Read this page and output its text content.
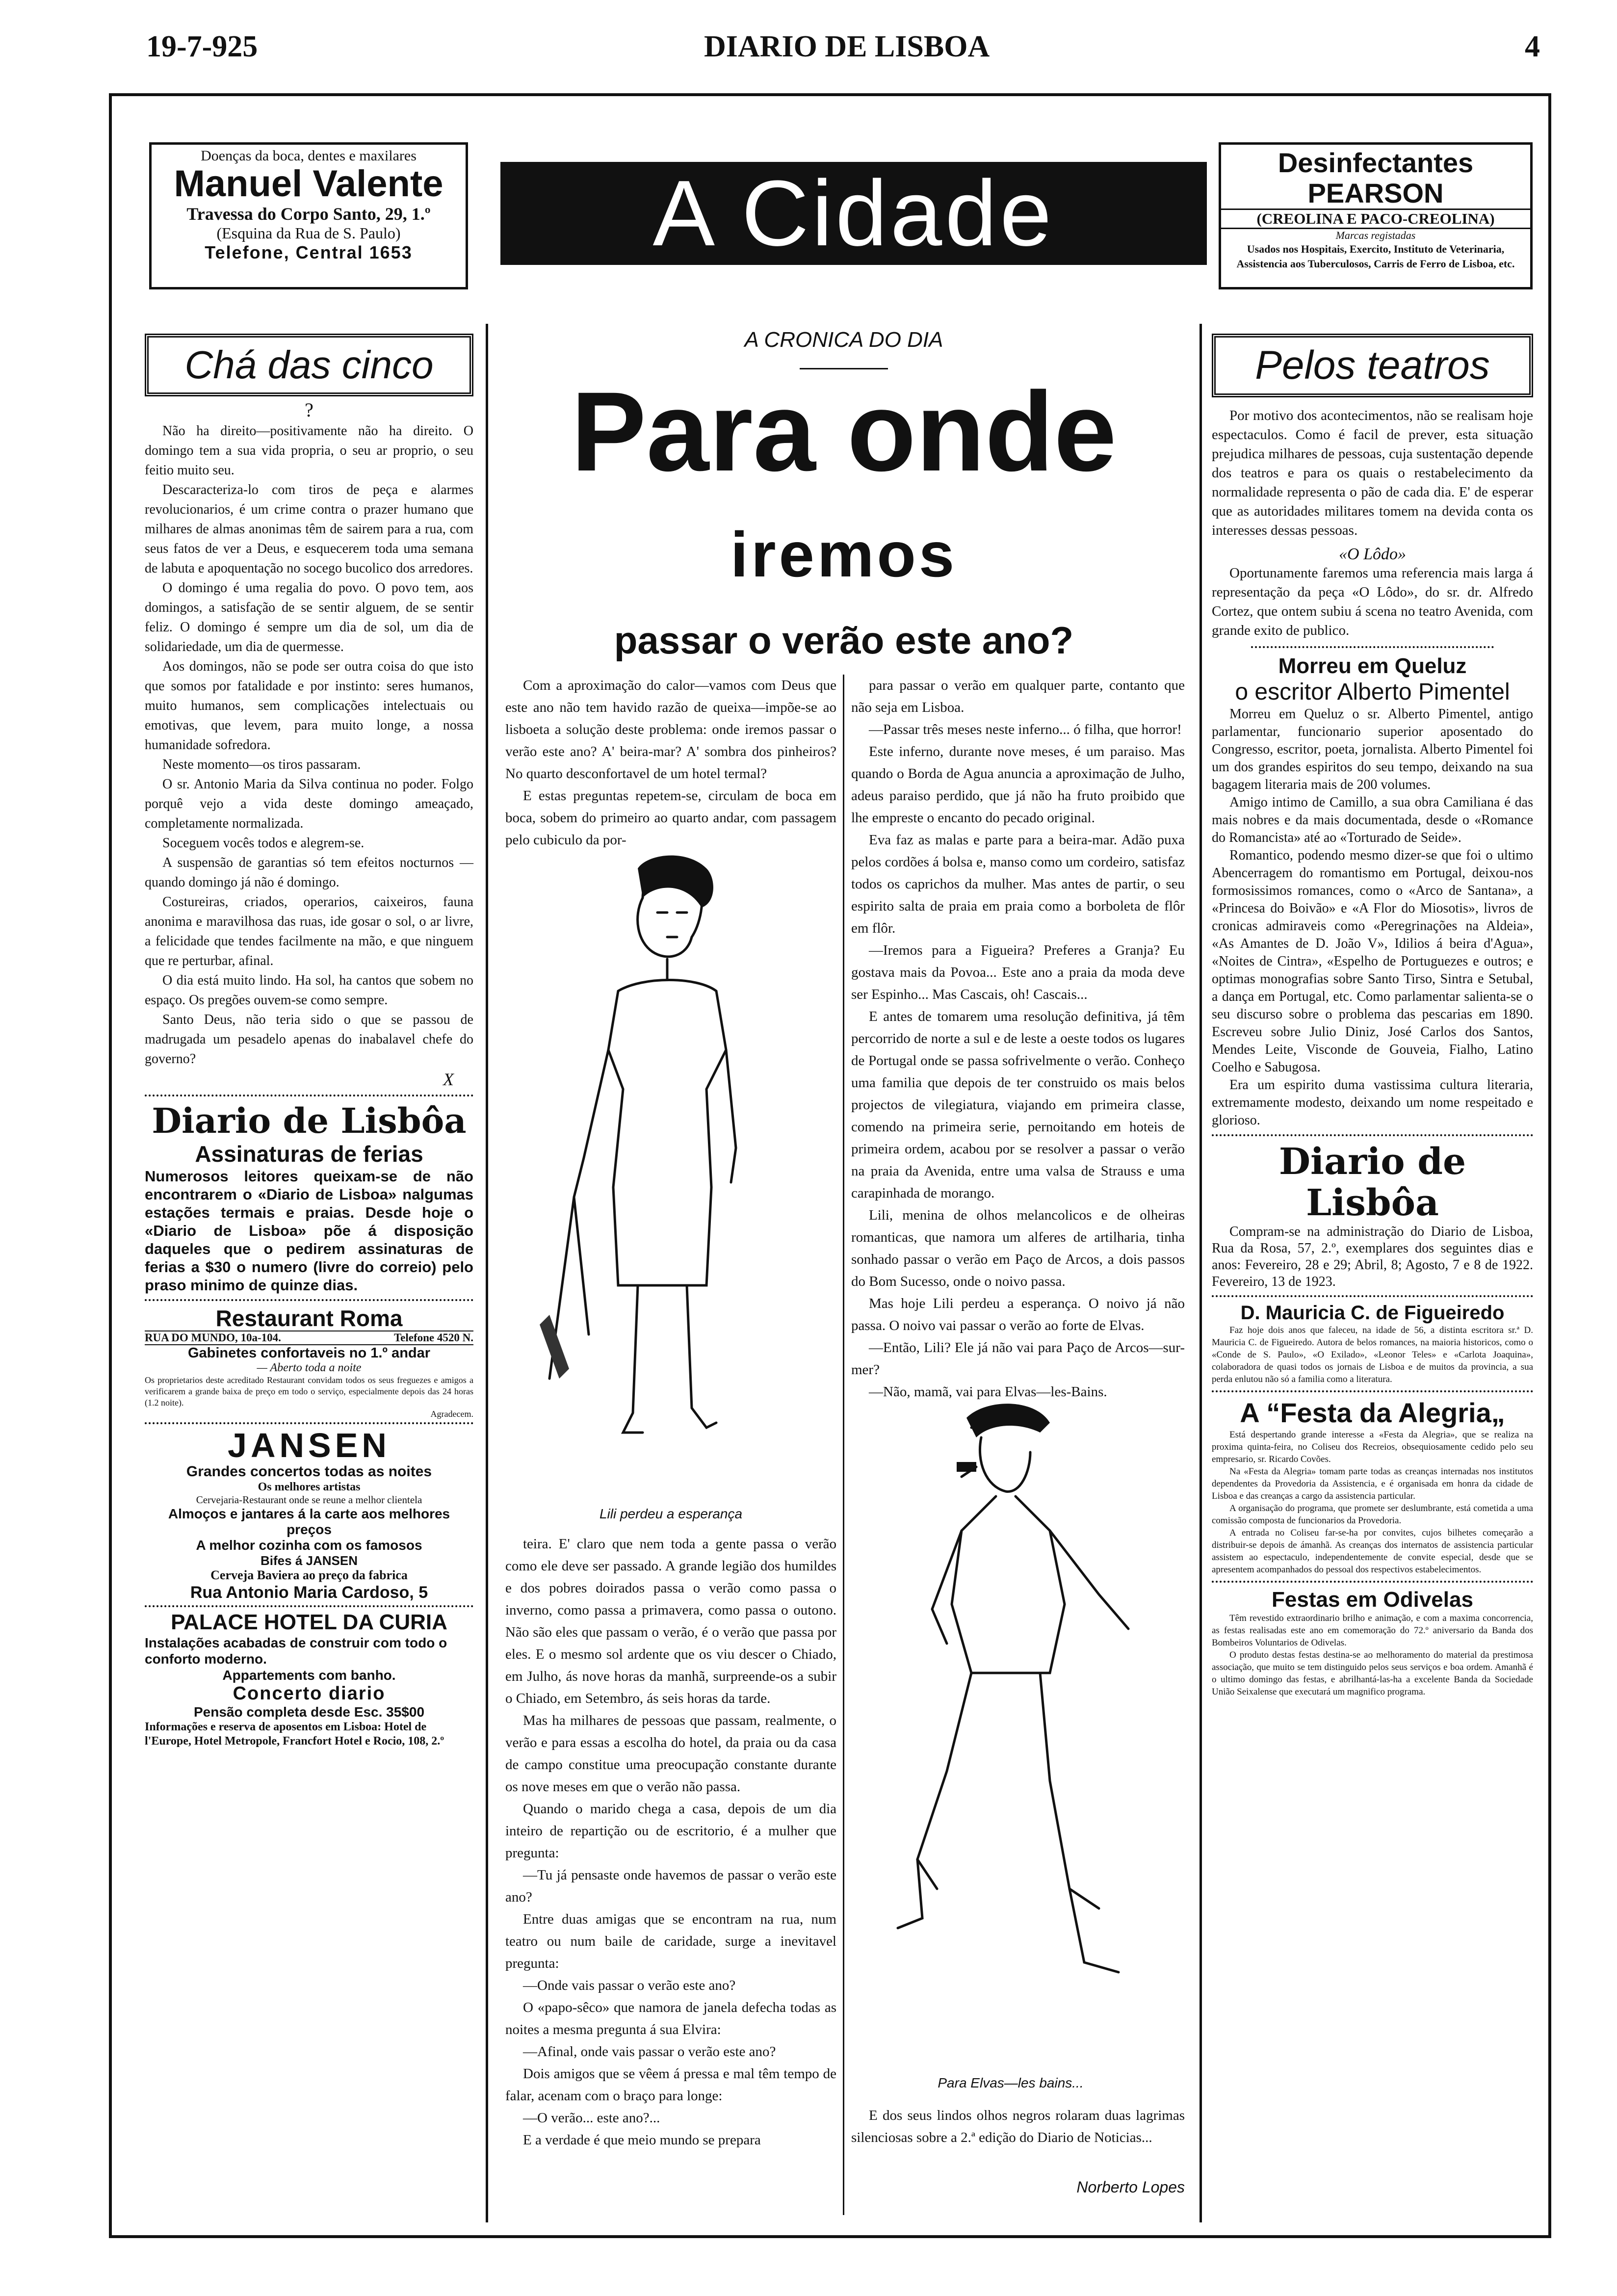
19-7-925	DIARIO DE LISBOA	4
Doenças da boca, dentes e maxilares
Manuel Valente
Travessa do Corpo Santo, 29, 1.º
(Esquina da Rua de S. Paulo)
Telefone, Central 1653	A Cidade	Desinfectantes PEARSON
(CREOLINA E PACO-CREOLINA)
Marcas registadas
Usados nos Hospitais, Exercito, Instituto de Veterinaria, Assistencia aos Tuberculosos, Carris de Ferro de Lisboa, etc.
Chá das cinco
?

Não ha direito—positivamente não ha direito. O domingo tem a sua vida propria, o seu ar proprio, o seu feitio muito seu.

Descaracteriza-lo com tiros de peça e alarmes revolucionarios, é um crime contra o prazer humano que milhares de almas anonimas têm de sairem para a rua, com seus fatos de ver a Deus, e esquecerem toda uma semana de labuta e apoquentação no socego bucolico dos arredores.

O domingo é uma regalia do povo. O povo tem, aos domingos, a satisfação de se sentir alguem, de se sentir feliz. O domingo é sempre um dia de sol, um dia de solidariedade, um dia de quermesse.

Aos domingos, não se pode ser outra coisa do que isto que somos por fatalidade e por instinto: seres humanos, muito humanos, sem complicações intelectuais ou emotivas, que levem, para muito longe, a nossa humanidade sofredora.

Neste momento—os tiros passaram.

O sr. Antonio Maria da Silva continua no poder. Folgo porquê vejo a vida deste domingo ameaçado, completamente normalizada.

Soceguem vocês todos e alegrem-se.

A suspensão de garantias só tem efeitos nocturnos — quando domingo já não é domingo.

Costureiras, criados, operarios, caixeiros, fauna anonima e maravilhosa das ruas, ide gosar o sol, o ar livre, a felicidade que tendes facilmente na mão, e que ninguem que re perturbar, afinal.

O dia está muito lindo. Ha sol, ha cantos que sobem no espaço. Os pregões ouvem-se como sempre.

Santo Deus, não teria sido o que se passou de madrugada um pesadelo apenas do inabalavel chefe do governo?

X
Diario de Lisbôa
Assinaturas de ferias
Numerosos leitores queixam-se de não encontrarem o «Diario de Lisboa» nalgumas estações termais e praias. Desde hoje o «Diario de Lisboa» põe á disposição daqueles que o pedirem assinaturas de ferias a $30 o numero (livre do correio) pelo praso minimo de quinze dias.
Restaurant Roma
RUA DO MUNDO, 10a-104.	Telefone 4520 N.
Gabinetes confortaveis no 1.º andar
— Aberto toda a noite
Os proprietarios deste acreditado Restaurant convidam todos os seus freguezes e amigos a verificarem a grande baixa de preço em todo o serviço, especialmente depois das 24 horas (1.2 noite).
Agradecem.
JANSEN
Grandes concertos todas as noites
Os melhores artistas
Cervejaria-Restaurant onde se reune a melhor clientela
Almoços e jantares á la carte aos melhores preços
A melhor cozinha com os famosos
Bifes á JANSEN
Cerveja Baviera ao preço da fabrica
Rua Antonio Maria Cardoso, 5
PALACE HOTEL DA CURIA
Instalações acabadas de construir com todo o conforto moderno.
Appartements com banho.
Concerto diario
Pensão completa desde Esc. 35$00
Informações e reserva de aposentos em Lisboa: Hotel de l'Europe, Hotel Metropole, Francfort Hotel e Rocio, 108, 2.º
A CRONICA DO DIA
Para onde
iremos
passar o verão este ano?

Com a aproximação do calor—vamos com Deus que este ano não tem havido razão de queixa—impõe-se ao lisboeta a solução deste problema: onde iremos passar o verão este ano? A' beira-mar? A' sombra dos pinheiros? No quarto desconfortavel de um hotel termal?

E estas preguntas repetem-se, circulam de boca em boca, sobem do primeiro ao quarto andar, com passagem pelo cubiculo da por-

Lili perdeu a esperança

para passar o verão em qualquer parte, contanto que não seja em Lisboa.

—Passar três meses neste inferno... ó filha, que horror!

Este inferno, durante nove meses, é um paraiso. Mas quando o Borda de Agua anuncia a aproximação de Julho, adeus paraiso perdido, que já não ha fruto proibido que lhe empreste o encanto do pecado original.

Eva faz as malas e parte para a beira-mar. Adão puxa pelos cordões á bolsa e, manso como um cordeiro, satisfaz todos os caprichos da mulher. Mas antes de partir, o seu espirito salta de praia em praia como a borboleta de flôr em flôr.

—Iremos para a Figueira? Preferes a Granja? Eu gostava mais da Povoa... Este ano a praia da moda deve ser Espinho... Mas Cascais, oh! Cascais...

E antes de tomarem uma resolução definitiva, já têm percorrido de norte a sul e de leste a oeste todos os lugares de Portugal onde se passa sofrivelmente o verão. Conheço uma familia que depois de ter construido os mais belos projectos de vilegiatura, viajando em primeira classe, comendo na primeira serie, pernoitando em hoteis de primeira ordem, acabou por se resolver a passar o verão na praia da Avenida, entre uma valsa de Strauss e uma carapinhada de morango.

Lili, menina de olhos melancolicos e de olheiras romanticas, que namora um alferes de artilharia, tinha sonhado passar o verão em Paço de Arcos, a dois passos do Bom Sucesso, onde o noivo passa.

Mas hoje Lili perdeu a esperança. O noivo já não passa. O noivo vai passar o verão ao forte de Elvas.

—Então, Lili? Ele já não vai para Paço de Arcos—sur-mer?

—Não, mamã, vai para Elvas—les-Bains.

teira. E' claro que nem toda a gente passa o verão como ele deve ser passado. A grande legião dos humildes e dos pobres doirados passa o verão como passa o inverno, como passa a primavera, como passa o outono. Não são eles que passam o verão, é o verão que passa por eles. E o mesmo sol ardente que os viu descer o Chiado, em Julho, ás nove horas da manhã, surpreende-os a subir o Chiado, em Setembro, ás seis horas da tarde.

Mas ha milhares de pessoas que passam, realmente, o verão e para essas a escolha do hotel, da praia ou da casa de campo constitue uma preocupação constante durante os nove meses em que o verão não passa.

Quando o marido chega a casa, depois de um dia inteiro de repartição ou de escritorio, é a mulher que pregunta:

—Tu já pensaste onde havemos de passar o verão este ano?

Entre duas amigas que se encontram na rua, num teatro ou num baile de caridade, surge a inevitavel pregunta:

—Onde vais passar o verão este ano?

O «papo-sêco» que namora de janela defecha todas as noites a mesma pregunta á sua Elvira:

—Afinal, onde vais passar o verão este ano?

Dois amigos que se vêem á pressa e mal têm tempo de falar, acenam com o braço para longe:

—O verão... este ano?...

E a verdade é que meio mundo se prepara

Para Elvas—les bains...

E dos seus lindos olhos negros rolaram duas lagrimas silenciosas sobre a 2.ª edição do Diario de Noticias...

Norberto Lopes
Pelos teatros

Por motivo dos acontecimentos, não se realisam hoje espectaculos. Como é facil de prever, esta situação prejudica milhares de pessoas, cuja sustentação depende dos teatros e para os quais o restabelecimento da normalidade representa o pão de cada dia. E' de esperar que as autoridades militares tomem na devida conta os interesses dessas pessoas.

«O Lôdo»

Oportunamente faremos uma referencia mais larga á representação da peça «O Lôdo», do sr. dr. Alfredo Cortez, que ontem subiu á scena no teatro Avenida, com grande exito de publico.

Morreu em Queluz
o escritor Alberto Pimentel

Morreu em Queluz o sr. Alberto Pimentel, antigo parlamentar, funcionario superior aposentado do Congresso, escritor, poeta, jornalista. Alberto Pimentel foi um dos grandes espiritos do seu tempo, deixando na sua bagagem literaria mais de 200 volumes.

Amigo intimo de Camillo, a sua obra Camiliana é das mais nobres e da mais documentada, desde o «Romance do Romancista» até ao «Torturado de Seide».

Romantico, podendo mesmo dizer-se que foi o ultimo Abencerragem do romantismo em Portugal, deixou-nos formosissimos romances, como o «Arco de Santana», a «Princesa do Boivão» e «A Flor do Miosotis», livros de cronicas admiraveis como «Peregrinações na Aldeia», «As Amantes de D. João V», Idilios á beira d'Agua», «Noites de Cintra», «Espelho de Portuguezes e outros; e optimas monografias sobre Santo Tirso, Sintra e Setubal, a dança em Portugal, etc. Como parlamentar salienta-se o seu discurso sobre o problema das pescarias em 1890. Escreveu sobre Julio Diniz, José Carlos dos Santos, Mendes Leite, Visconde de Gouveia, Fialho, Latino Coelho e Sabugosa.

Era um espirito duma vastissima cultura literaria, extremamente modesto, deixando um nome respeitado e glorioso.

Diario de Lisbôa

Compram-se na administração do Diario de Lisboa, Rua da Rosa, 57, 2.º, exemplares dos seguintes dias e anos: Fevereiro, 28 e 29; Abril, 8; Agosto, 7 e 8 de 1922. Fevereiro, 13 de 1923.

D. Mauricia C. de Figueiredo

Faz hoje dois anos que faleceu, na idade de 56, a distinta escritora sr.ª D. Mauricia C. de Figueiredo. Autora de belos romances, na maioria historicos, como o «Conde de S. Paulo», «O Exilado», «Leonor Teles» e «Carlota Joaquina», colaboradora de quasi todos os jornais de Lisboa e de muitos da provincia, a sua perda enlutou não só a familia como a literatura.

A “Festa da Alegria„

Está despertando grande interesse a «Festa da Alegria», que se realiza na proxima quinta-feira, no Coliseu dos Recreios, obsequiosamente cedido pelo seu empresario, sr. Ricardo Covões.

Na «Festa da Alegria» tomam parte todas as creanças internadas nos institutos dependentes da Provedoria da Assistencia, e é organisada em honra da cidade de Lisboa e das creanças a cargo da assistencia particular.

A organisação do programa, que promete ser deslumbrante, está cometida a uma comissão composta de funcionarios da Provedoria.

A entrada no Coliseu far-se-ha por convites, cujos bilhetes começarão a distribuir-se depois de ámanhã. As creanças dos internatos de assistencia particular assistem ao espectaculo, independentemente de convite especial, desde que se apresentem acompanhados do pessoal dos respectivos estabelecimentos.

Festas em Odivelas

Têm revestido extraordinario brilho e animação, e com a maxima concorrencia, as festas realisadas este ano em comemoração do 72.º aniversario da Banda dos Bombeiros Voluntarios de Odivelas.

O produto destas festas destina-se ao melhoramento do material da prestimosa associação, que muito se tem distinguido pelos seus serviços e boa ordem. Amanhã é o ultimo domingo das festas, e abrilhantá-las-ha a excelente Banda da Sociedade União Seixalense que executará um magnifico programa.
